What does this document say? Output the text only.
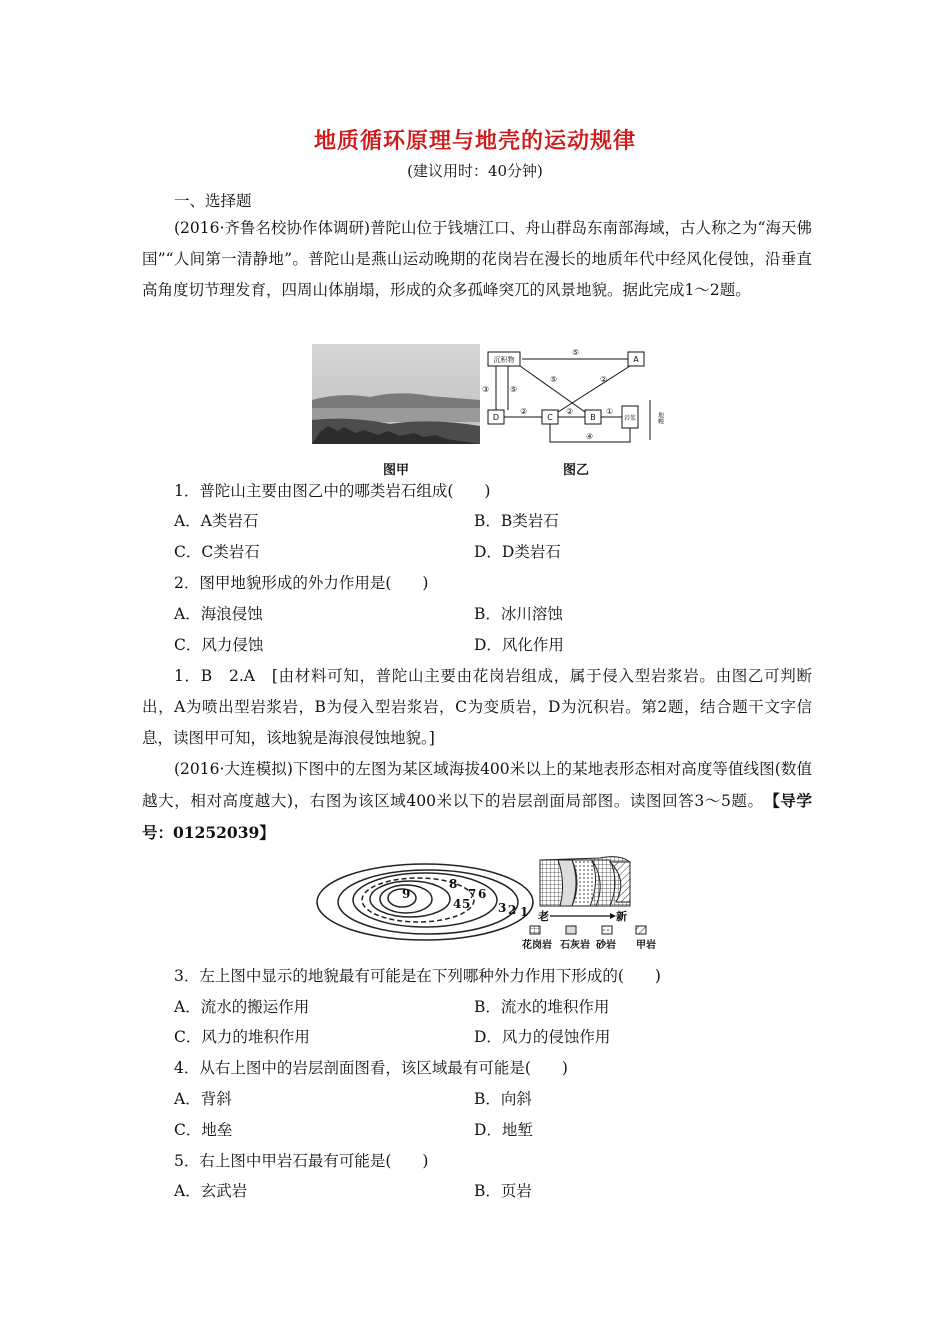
地质循环原理与地壳的运动规律
(建议用时：40分钟)
一、选择题

(2016·齐鲁名校协作体调研)普陀山位于钱塘江口、舟山群岛东南部海域，古人称之为“海天佛国”“人间第一清静地”。普陀山是燕山运动晚期的花岗岩在漫长的地质年代中经风化侵蚀，沿垂直高角度切节理发育，四周山体崩塌，形成的众多孤峰突兀的风景地貌。据此完成1～2题。

沉积物	A
D	C	B	岩浆
⑤
③	⑤
⑤	②
②	②	①
④
地幔
图甲	图乙
1．普陀山主要由图乙中的哪类岩石组成(　　)
A．A类岩石	B．B类岩石
C．C类岩石	D．D类岩石
2．图甲地貌形成的外力作用是(　　)
A．海浪侵蚀	B．冰川溶蚀
C．风力侵蚀	D．风化作用

1．B　2.A　[由材料可知，普陀山主要由花岗岩组成，属于侵入型岩浆岩。由图乙可判断出，A为喷出型岩浆岩，B为侵入型岩浆岩，C为变质岩，D为沉积岩。第2题，结合题干文字信息，读图甲可知，该地貌是海浪侵蚀地貌。]

(2016·大连模拟)下图中的左图为某区域海拔400米以上的某地表形态相对高度等值线图(数值越大，相对高度越大)，右图为该区域400米以下的岩层剖面局部图。读图回答3～5题。　 【导学号：01252039】

8
9	7 6
4 5 3 2 1 老	新
花岗岩 石灰岩 砂岩 甲岩
3．左上图中显示的地貌最有可能是在下列哪种外力作用下形成的(　　)
A．流水的搬运作用	B．流水的堆积作用
C．风力的堆积作用	D．风力的侵蚀作用
4．从右上图中的岩层剖面图看，该区域最有可能是(　　)
A．背斜	B．向斜
C．地垒	D．地堑
5．右上图中甲岩石最有可能是(　　)
A．玄武岩	B．页岩
